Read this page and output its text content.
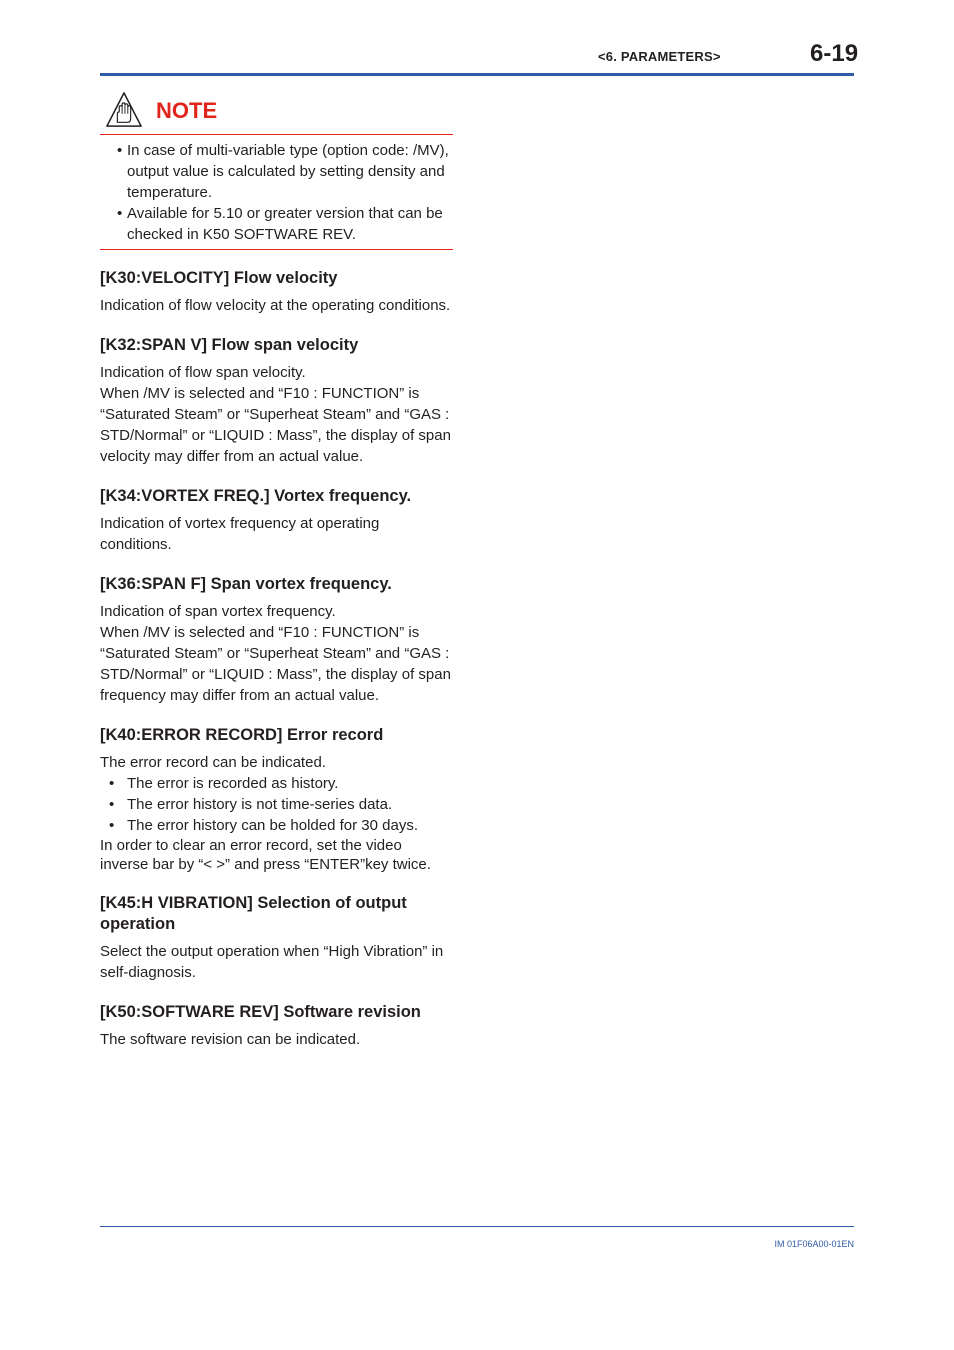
<6. PARAMETERS>	6-19
NOTE
• In case of multi-variable type (option code: /MV), output value is calculated by setting density and temperature.
• Available for 5.10 or greater version that can be checked in K50 SOFTWARE REV.
[K30:VELOCITY] Flow velocity

Indication of flow velocity at the operating conditions.

[K32:SPAN V] Flow span velocity

Indication of flow span velocity.
When /MV is selected and “F10 : FUNCTION” is “Saturated Steam” or “Superheat Steam” and “GAS : STD/Normal” or “LIQUID : Mass”, the display of span velocity may differ from an actual value.

[K34:VORTEX FREQ.] Vortex frequency.

Indication of vortex frequency at operating conditions.

[K36:SPAN F] Span vortex frequency.

Indication of span vortex frequency.
When /MV is selected and “F10 : FUNCTION” is “Saturated Steam” or “Superheat Steam” and “GAS : STD/Normal” or “LIQUID : Mass”, the display of span frequency may differ from an actual value.

[K40:ERROR RECORD] Error record

The error record can be indicated.

• The error is recorded as history.
• The error history is not time-series data.
• The error history can be holded for 30 days.

In order to clear an error record, set the video inverse bar by “< >” and press “ENTER”key twice.

[K45:H VIBRATION] Selection of output operation

Select the output operation when “High Vibration” in self-diagnosis.

[K50:SOFTWARE REV] Software revision

The software revision can be indicated.

IM 01F06A00-01EN
